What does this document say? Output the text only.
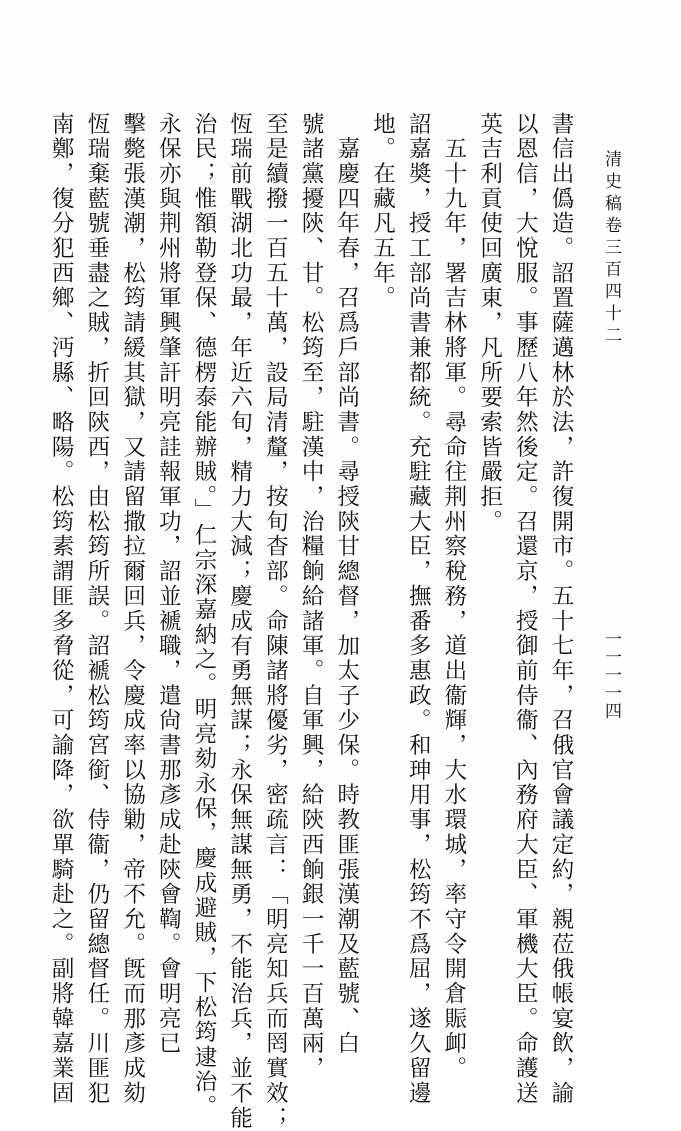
清史稿卷三百四十二
一一一一四
書信出僞造。詔置薩邁林於法，許復開市。五十七年，召俄官會議定約，親莅俄帳宴飲，諭
以恩信，大悅服。事歷八年然後定。召還京，授御前侍衞、內務府大臣、軍機大臣。命護送
英吉利貢使回廣東，凡所要索皆嚴拒。
　五十九年，署吉林將軍。尋命往荆州察稅務，道出衞輝，大水環城，率守令開倉賑卹。
詔嘉奬，授工部尚書兼都統。充駐藏大臣，撫番多惠政。和珅用事，松筠不爲屈，遂久留邊
地。在藏凡五年。
　嘉慶四年春，召爲戶部尚書。尋授陝甘總督，加太子少保。時教匪張漢潮及藍號、白
號諸黨擾陝、甘。松筠至，駐漢中，治糧餉給諸軍。自軍興，給陝西餉銀一千一百萬兩，
至是續撥一百五十萬，設局清釐，按旬杳部。命陳諸將優劣，密疏言：「明亮知兵而罔實效；
恆瑞前戰湖北功最，年近六旬，精力大減；慶成有勇無謀；永保無謀無勇，不能治兵，並不能
治民；惟額勒登保、德楞泰能辦賊。」仁宗深嘉納之。明亮劾永保，慶成避賊，下松筠逮治。
永保亦與荆州將軍興肇訐明亮詿報軍功，詔並褫職，遣尙書那彥成赴陝會鞫。會明亮已
擊斃張漢潮，松筠請緩其獄，又請留撒拉爾回兵，令慶成率以協勦，帝不允。旣而那彥成劾
恆瑞棄藍號垂盡之賊，折回陝西，由松筠所誤。詔褫松筠宮銜、侍衞，仍留總督任。川匪犯
南鄭，復分犯西鄉、沔縣、略陽。松筠素謂匪多脅從，可諭降，欲單騎赴之。副將韓嘉業固
